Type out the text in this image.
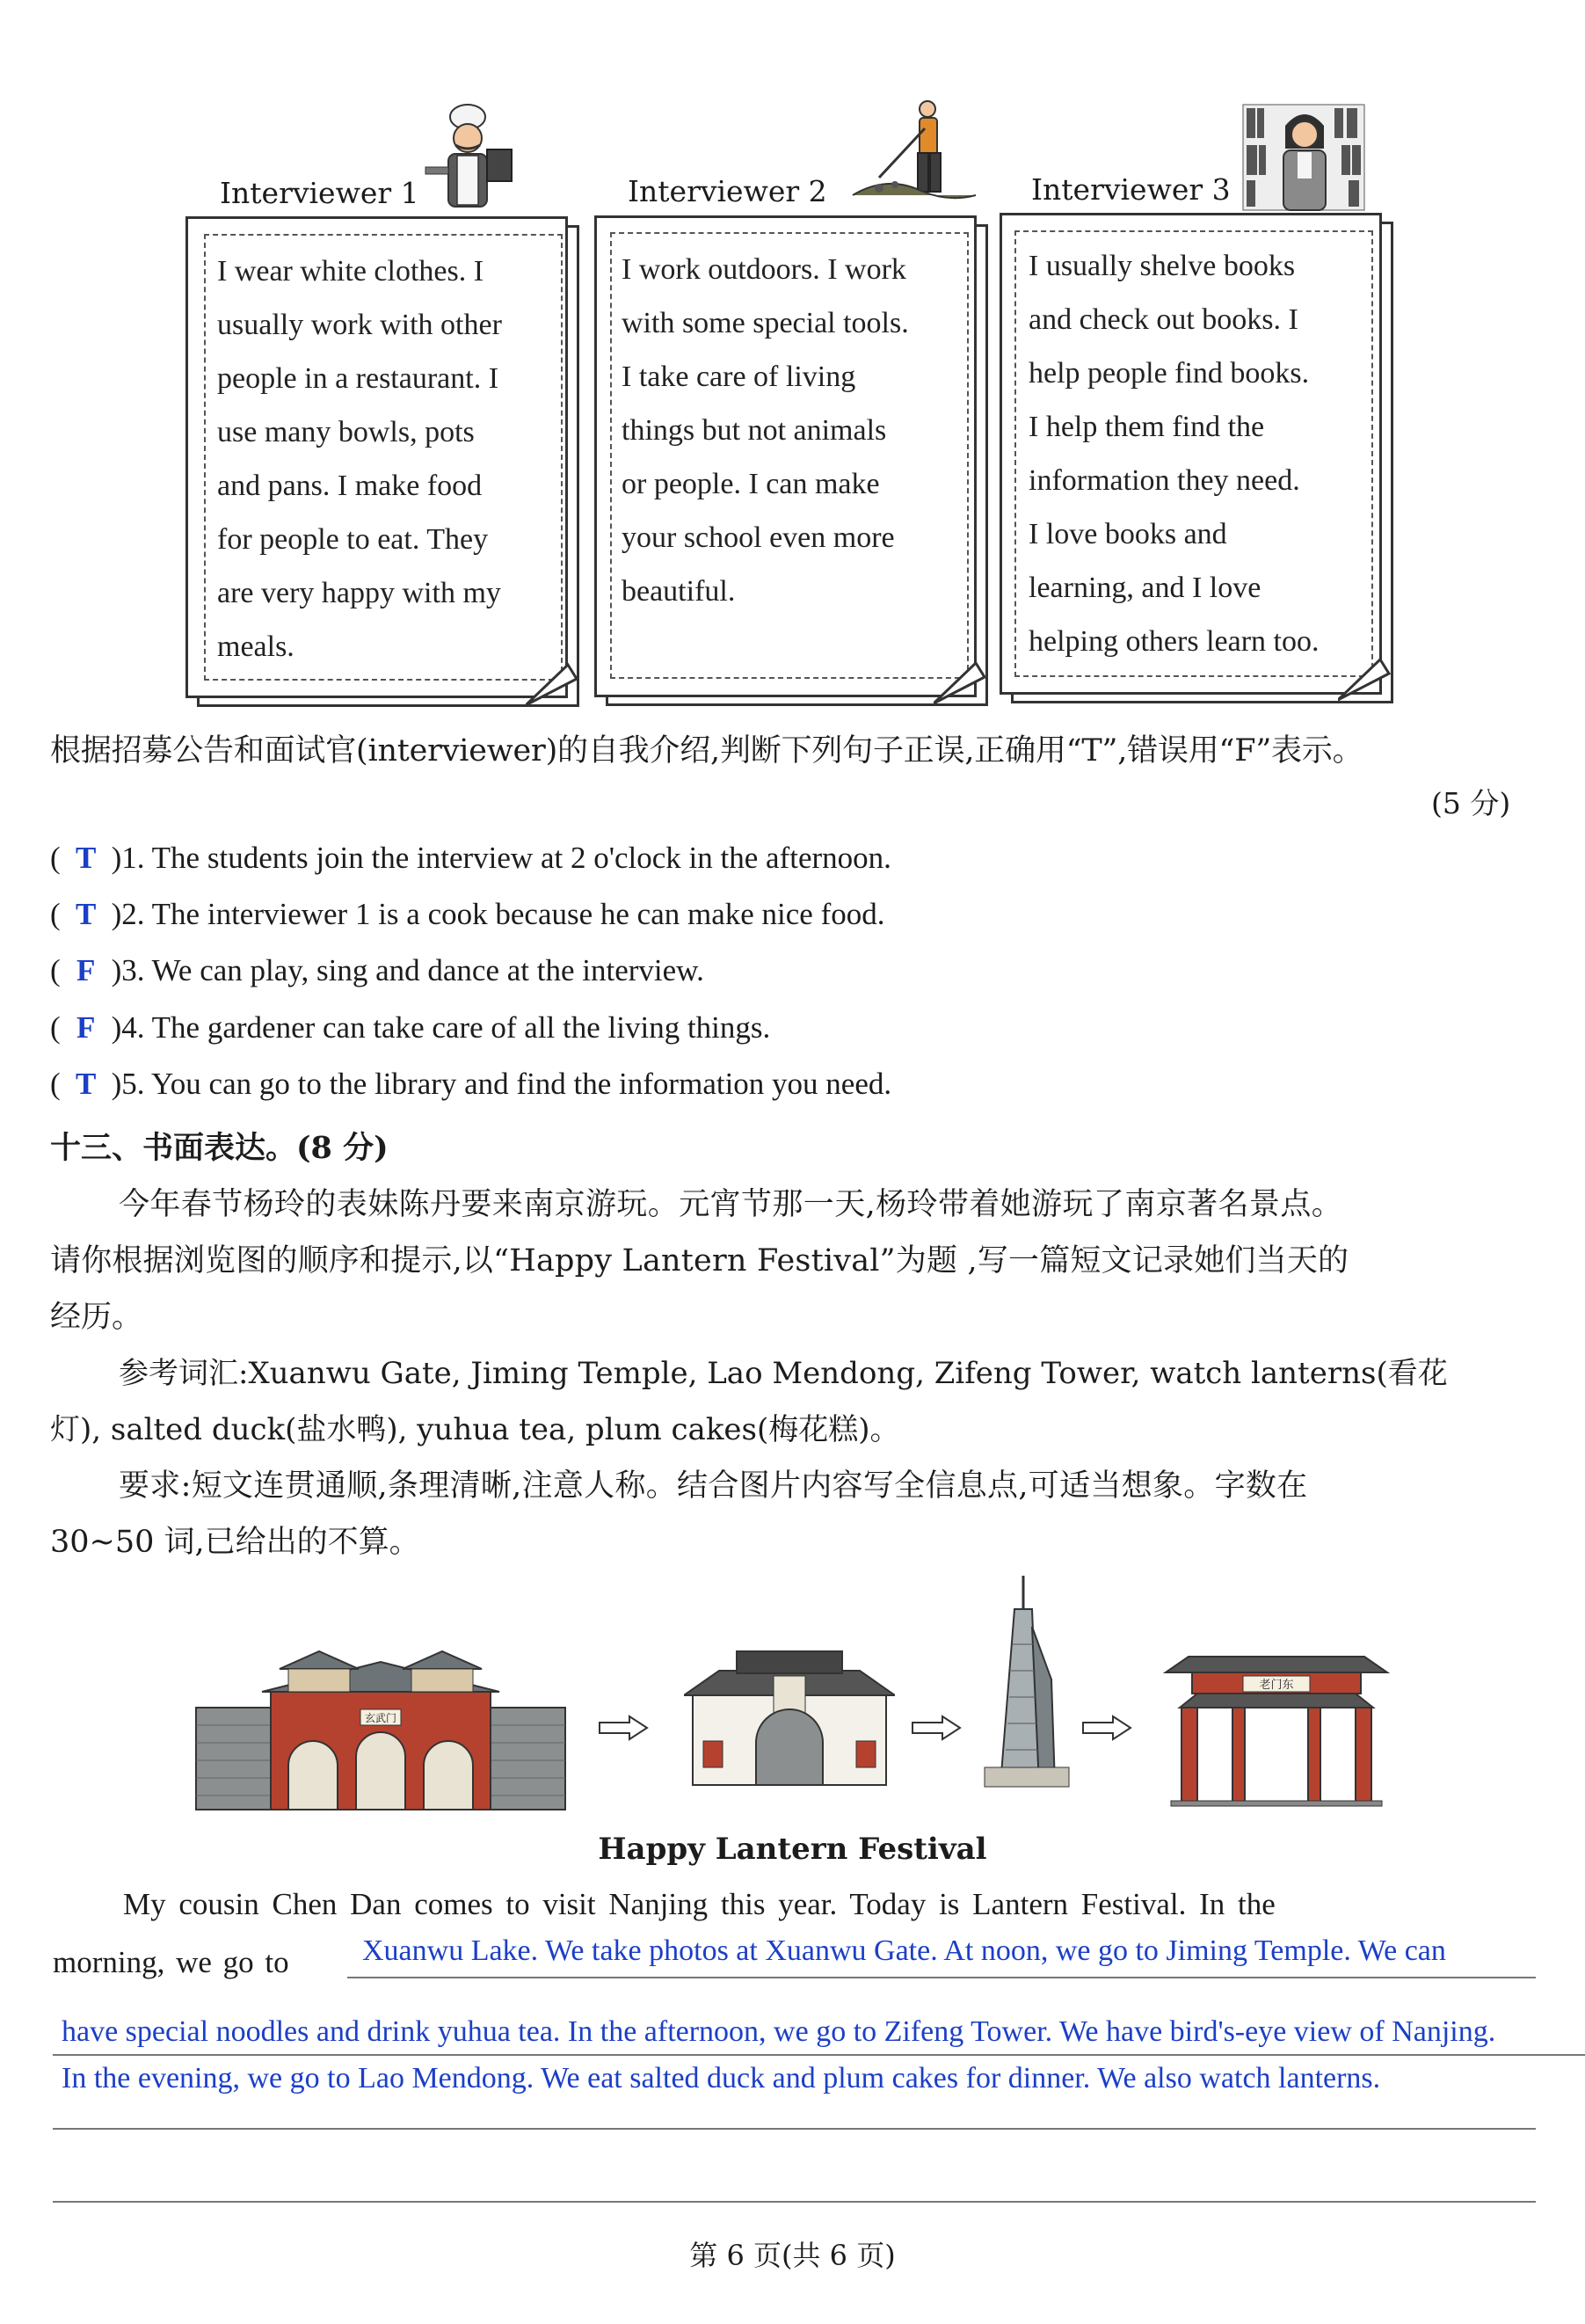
Interviewer 1	Interviewer 2	Interviewer 3
I wear white clothes. I
usually work with other
people in a restaurant. I
use many bowls, pots
and pans. I make food
for people to eat. They
are very happy with my
meals.
I work outdoors. I work
with some special tools.
I take care of living
things but not animals
or people. I can make
your school even more
beautiful.
I usually shelve books
and check out books. I
help people find books.
I help them find the
information they need.
I love books and
learning, and I love
helping others learn too.
根据招募公告和面试官(interviewer)的自我介绍,判断下列句子正误,正确用“T”,错误用“F”表示。
(5 分)
( T )1. The students join the interview at 2 o'clock in the afternoon.
( T )2. The interviewer 1 is a cook because he can make nice food.
( F )3. We can play, sing and dance at the interview.
( F )4. The gardener can take care of all the living things.
( T )5. You can go to the library and find the information you need.
十三、书面表达。(8 分)
今年春节杨玲的表妹陈丹要来南京游玩。元宵节那一天,杨玲带着她游玩了南京著名景点。
请你根据浏览图的顺序和提示,以“Happy Lantern Festival”为题 ,写一篇短文记录她们当天的
经历。
参考词汇:Xuanwu Gate, Jiming Temple, Lao Mendong, Zifeng Tower, watch lanterns(看花
灯), salted duck(盐水鸭), yuhua tea, plum cakes(梅花糕)。
要求:短文连贯通顺,条理清晰,注意人称。结合图片内容写全信息点,可适当想象。字数在
30~50 词,已给出的不算。
玄武门
老门东
Happy Lantern Festival
My cousin Chen Dan comes to visit Nanjing this year. Today is Lantern Festival. In the
morning, we go to Xuanwu Lake. We take photos at Xuanwu Gate. At noon, we go to Jiming Temple. We can
have special noodles and drink yuhua tea. In the afternoon, we go to Zifeng Tower. We have bird's-eye view of Nanjing.
In the evening, we go to Lao Mendong. We eat salted duck and plum cakes for dinner. We also watch lanterns.
第 6 页(共 6 页)
